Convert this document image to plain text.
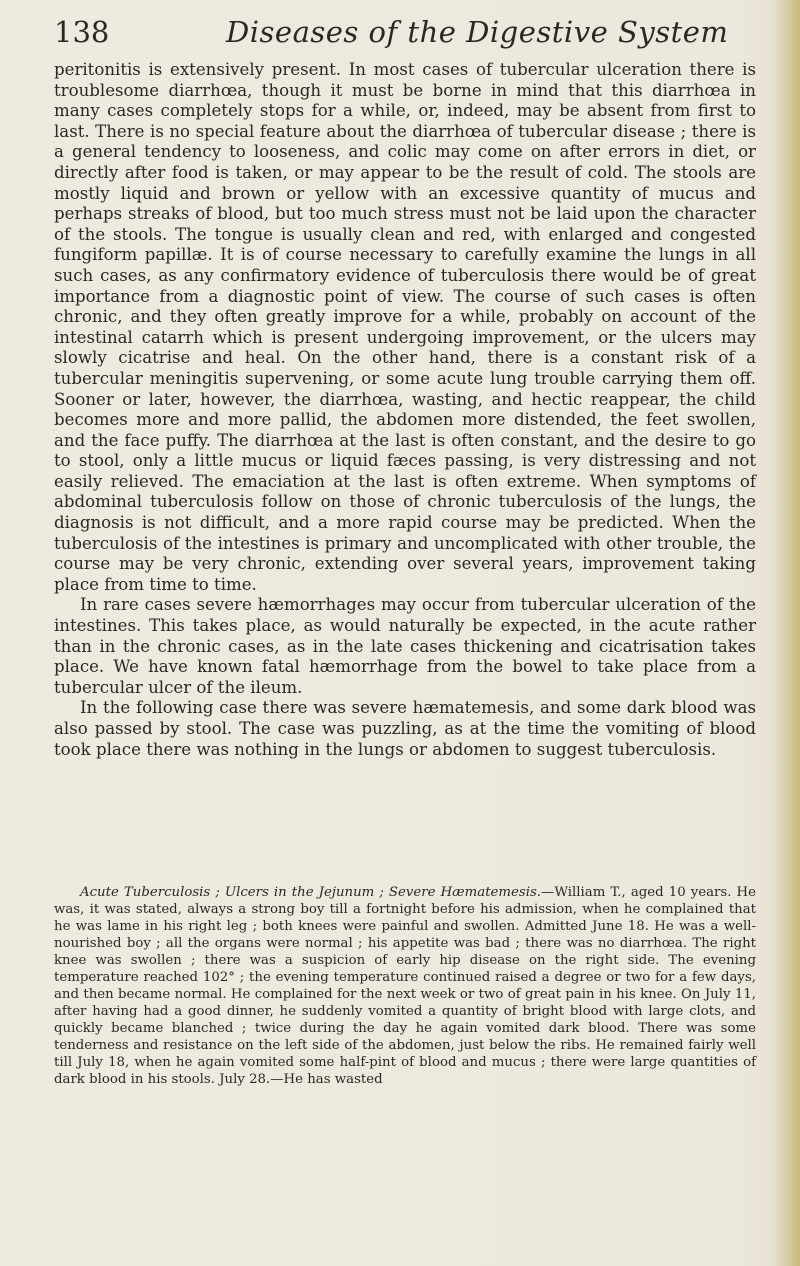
138	Diseases of the Digestive System

peritonitis is extensively present. In most cases of tubercular ulceration there is troublesome diarrhœa, though it must be borne in mind that this diarrhœa in many cases completely stops for a while, or, indeed, may be absent from first to last. There is no special feature about the diarrhœa of tubercular disease ; there is a general tendency to looseness, and colic may come on after errors in diet, or directly after food is taken, or may appear to be the result of cold. The stools are mostly liquid and brown or yellow with an excessive quantity of mucus and perhaps streaks of blood, but too much stress must not be laid upon the character of the stools. The tongue is usually clean and red, with enlarged and congested fungiform papillæ. It is of course necessary to carefully examine the lungs in all such cases, as any confirmatory evidence of tuberculosis there would be of great importance from a diagnostic point of view. The course of such cases is often chronic, and they often greatly improve for a while, probably on account of the intestinal catarrh which is present undergoing improvement, or the ulcers may slowly cicatrise and heal. On the other hand, there is a constant risk of a tubercular meningitis supervening, or some acute lung trouble carrying them off. Sooner or later, however, the diarrhœa, wasting, and hectic reappear, the child becomes more and more pallid, the abdomen more distended, the feet swollen, and the face puffy. The diarrhœa at the last is often constant, and the desire to go to stool, only a little mucus or liquid fæces passing, is very distressing and not easily relieved. The emaciation at the last is often extreme. When symptoms of abdominal tuberculosis follow on those of chronic tuberculosis of the lungs, the diagnosis is not difficult, and a more rapid course may be predicted. When the tuberculosis of the intestines is primary and uncomplicated with other trouble, the course may be very chronic, extending over several years, improvement taking place from time to time.

In rare cases severe hæmorrhages may occur from tubercular ulceration of the intestines. This takes place, as would naturally be expected, in the acute rather than in the chronic cases, as in the late cases thickening and cicatrisation takes place. We have known fatal hæmorrhage from the bowel to take place from a tubercular ulcer of the ileum.

In the following case there was severe hæmatemesis, and some dark blood was also passed by stool. The case was puzzling, as at the time the vomiting of blood took place there was nothing in the lungs or abdomen to suggest tuberculosis.

Acute Tuberculosis ; Ulcers in the Jejunum ; Severe Hæmatemesis.—William T., aged 10 years. He was, it was stated, always a strong boy till a fortnight before his admission, when he complained that he was lame in his right leg ; both knees were painful and swollen. Admitted June 18. He was a well-nourished boy ; all the organs were normal ; his appetite was bad ; there was no diarrhœa. The right knee was swollen ; there was a suspicion of early hip disease on the right side. The evening temperature reached 102° ; the evening temperature continued raised a degree or two for a few days, and then became normal. He complained for the next week or two of great pain in his knee. On July 11, after having had a good dinner, he suddenly vomited a quantity of bright blood with large clots, and quickly became blanched ; twice during the day he again vomited dark blood. There was some tenderness and resistance on the left side of the abdomen, just below the ribs. He remained fairly well till July 18, when he again vomited some half-pint of blood and mucus ; there were large quantities of dark blood in his stools. July 28.—He has wasted
